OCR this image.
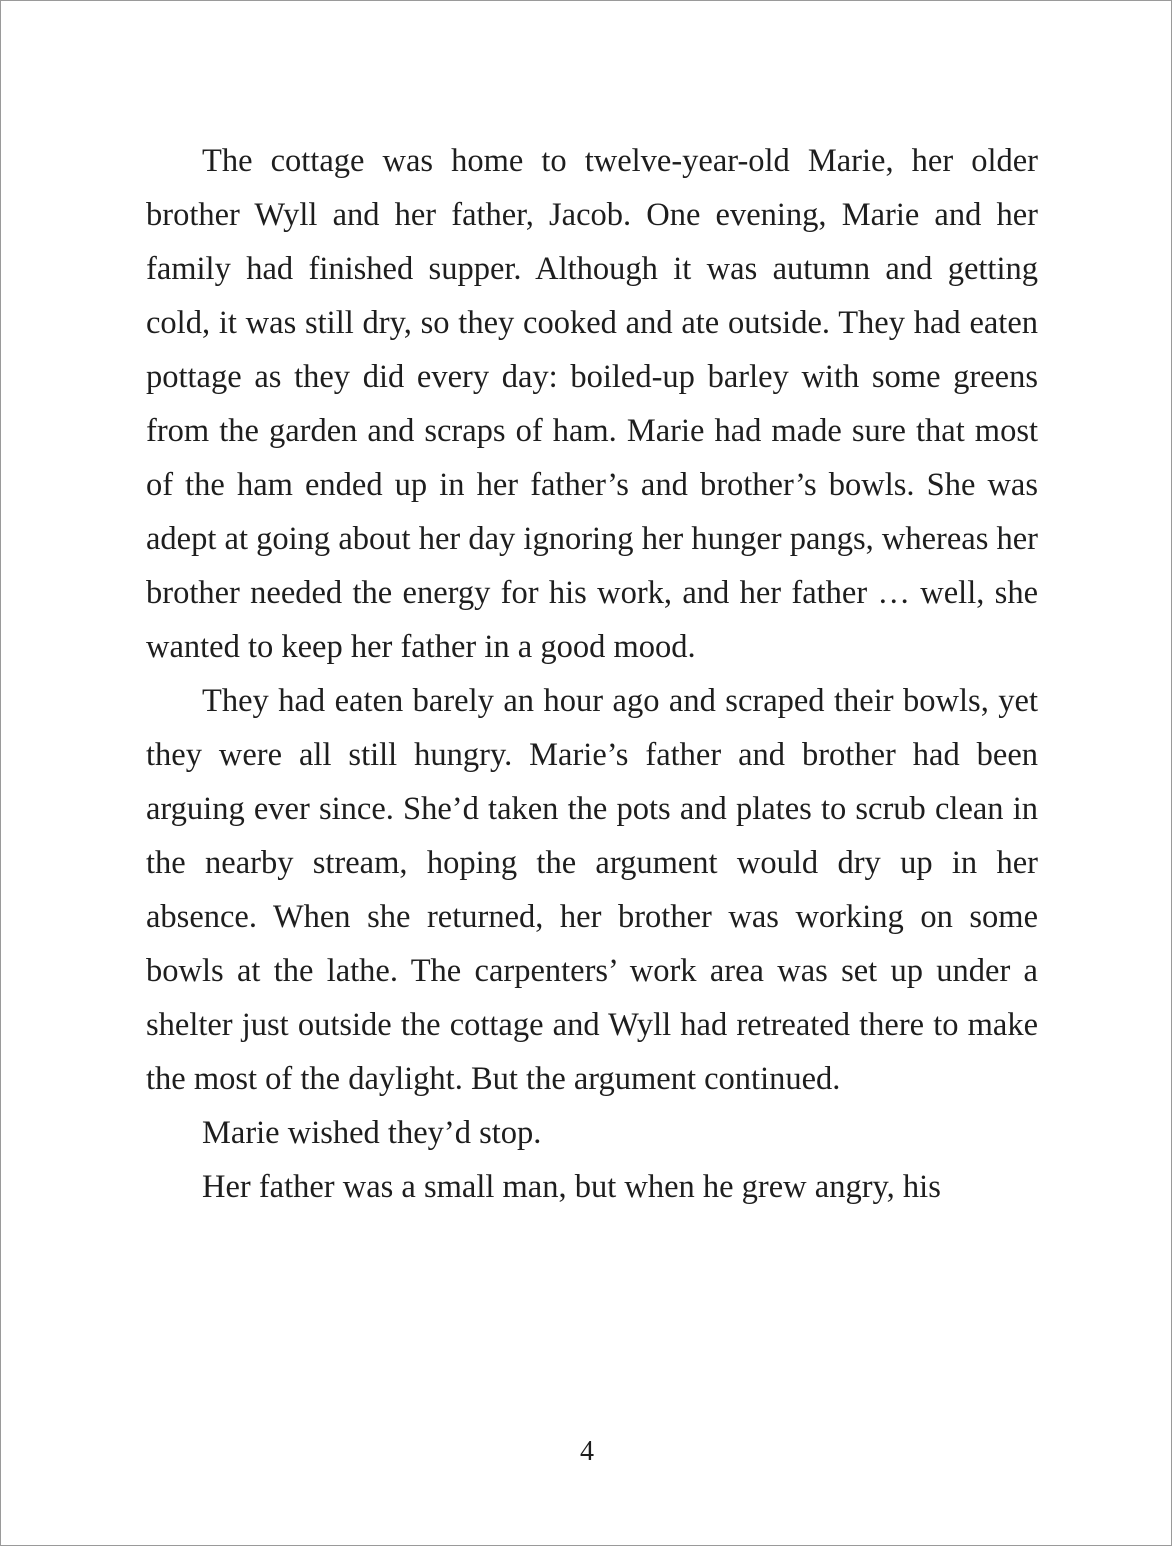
The cottage was home to twelve-year-old Marie, her older brother Wyll and her father, Jacob. One evening, Marie and her family had finished supper. Although it was autumn and getting cold, it was still dry, so they cooked and ate outside. They had eaten pottage as they did every day: boiled-up barley with some greens from the garden and scraps of ham. Marie had made sure that most of the ham ended up in her father’s and brother’s bowls. She was adept at going about her day ignoring her hunger pangs, whereas her brother needed the energy for his work, and her father … well, she wanted to keep her father in a good mood.

They had eaten barely an hour ago and scraped their bowls, yet they were all still hungry. Marie’s father and brother had been arguing ever since. She’d taken the pots and plates to scrub clean in the nearby stream, hoping the argument would dry up in her absence. When she returned, her brother was working on some bowls at the lathe. The carpenters’ work area was set up under a shelter just outside the cottage and Wyll had retreated there to make the most of the daylight. But the argument continued.

Marie wished they’d stop.

Her father was a small man, but when he grew angry, his

4
